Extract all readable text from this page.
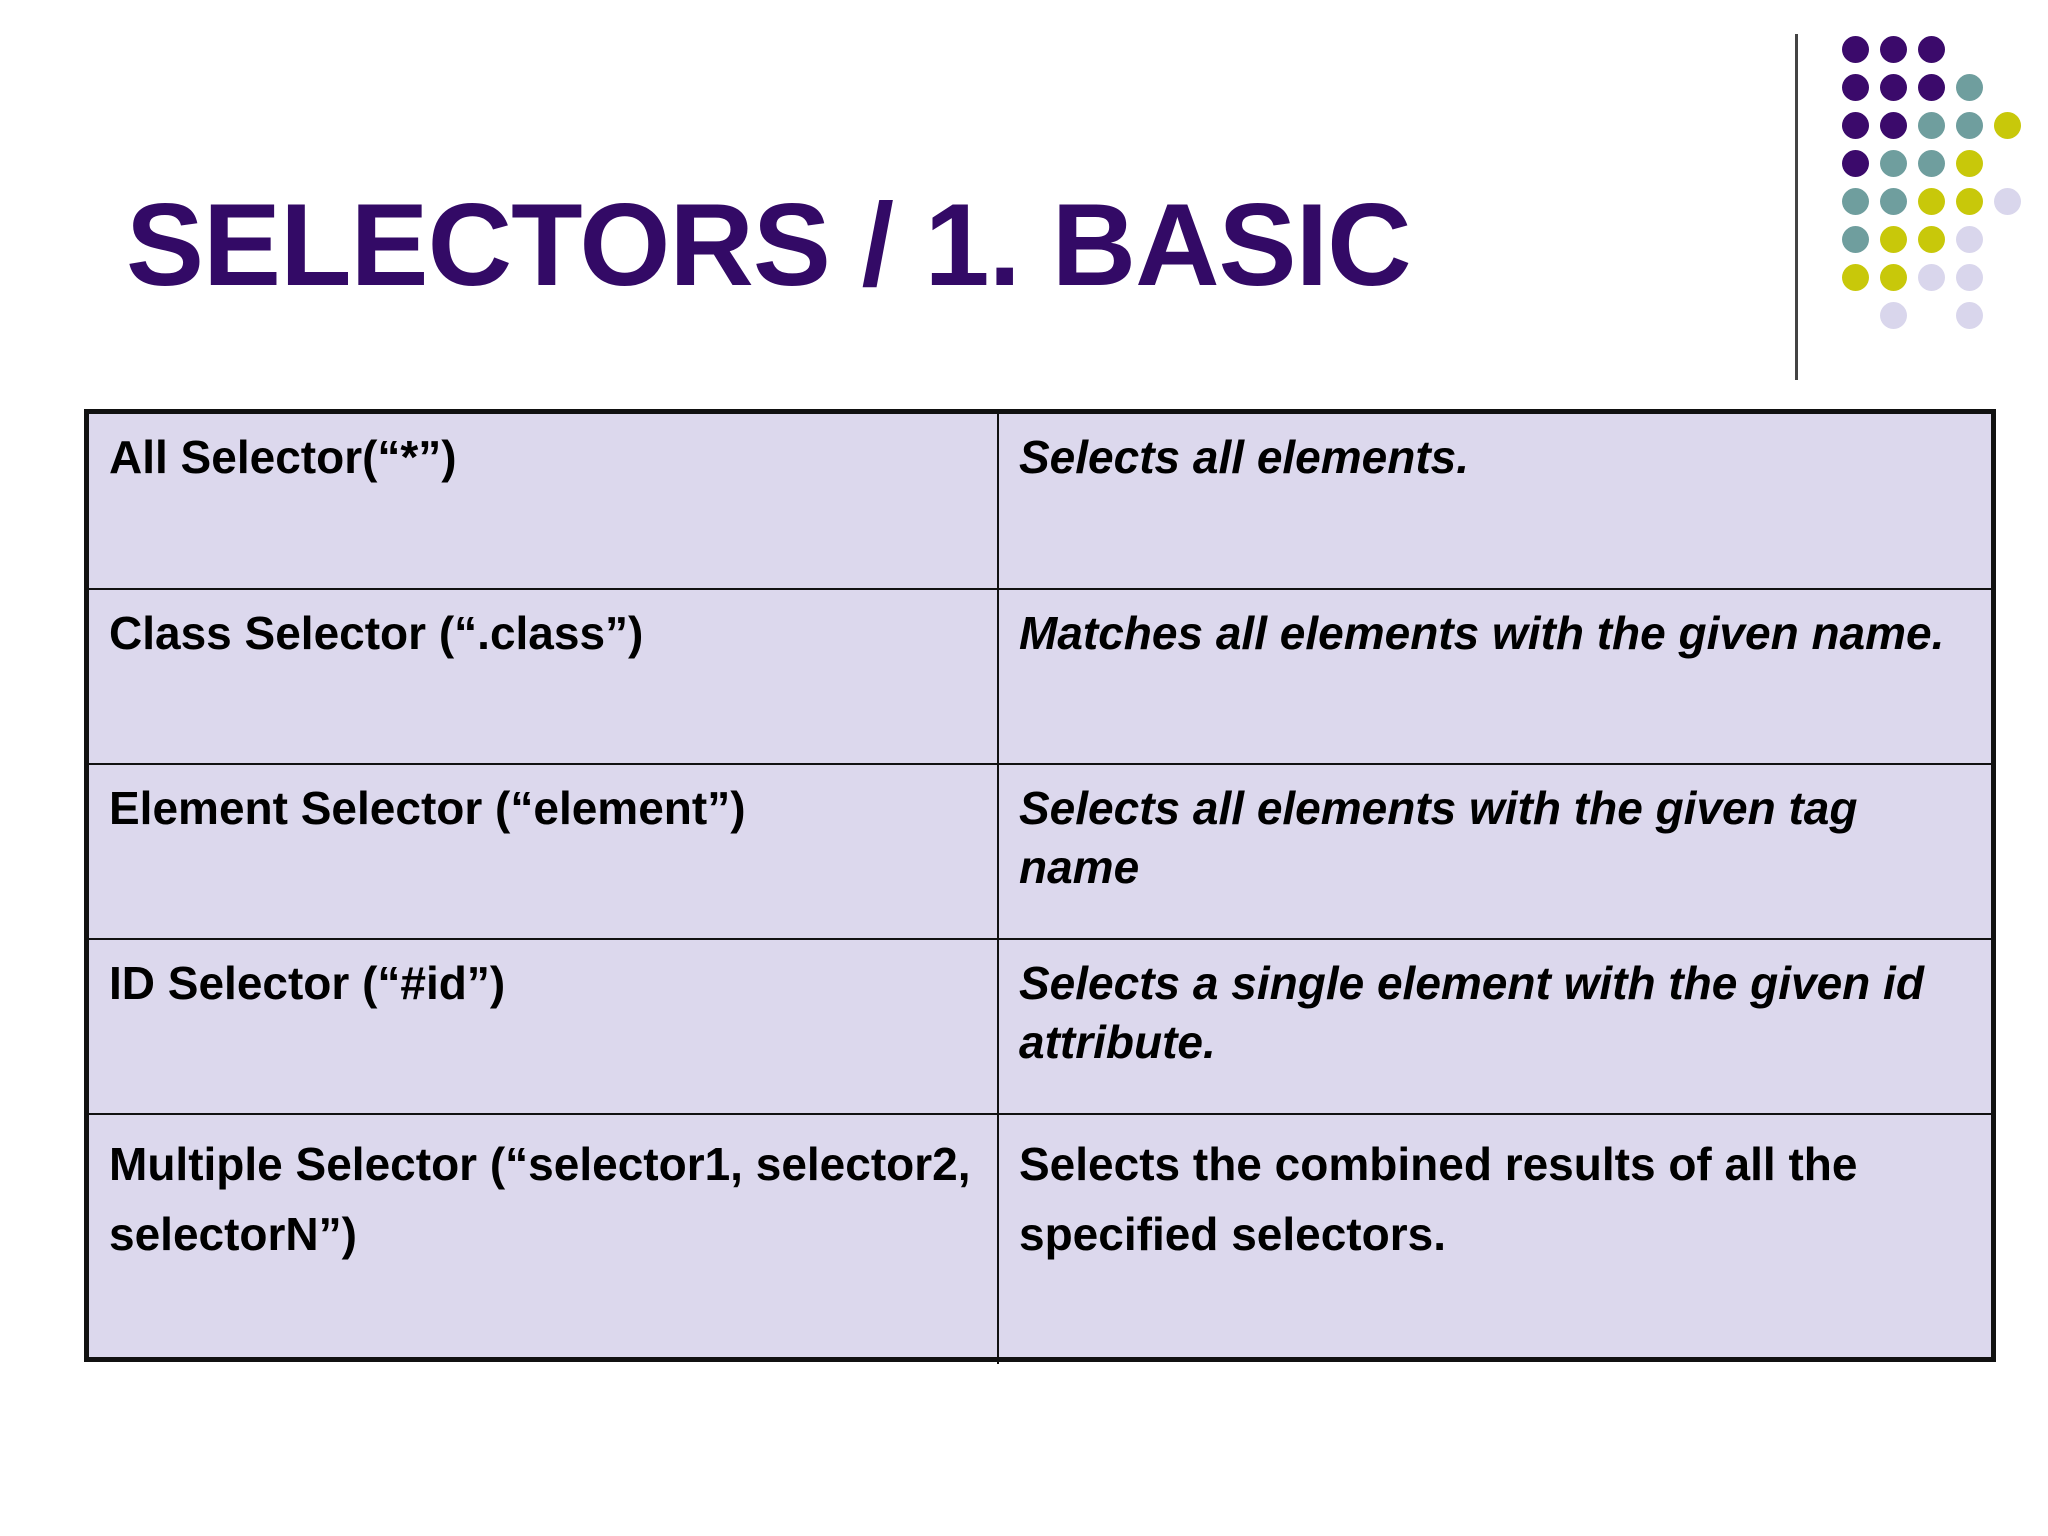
SELECTORS / 1. BASIC
All Selector(“*”)	Selects all elements.
Class Selector (“.class”)	Matches all elements with the given name.
Element Selector (“element”)	Selects all elements with the given tag name
ID Selector (“#id”)	Selects a single element with the given id attribute.
Multiple Selector (“selector1, selector2, selectorN”)	Selects the combined results of all the specified selectors.
